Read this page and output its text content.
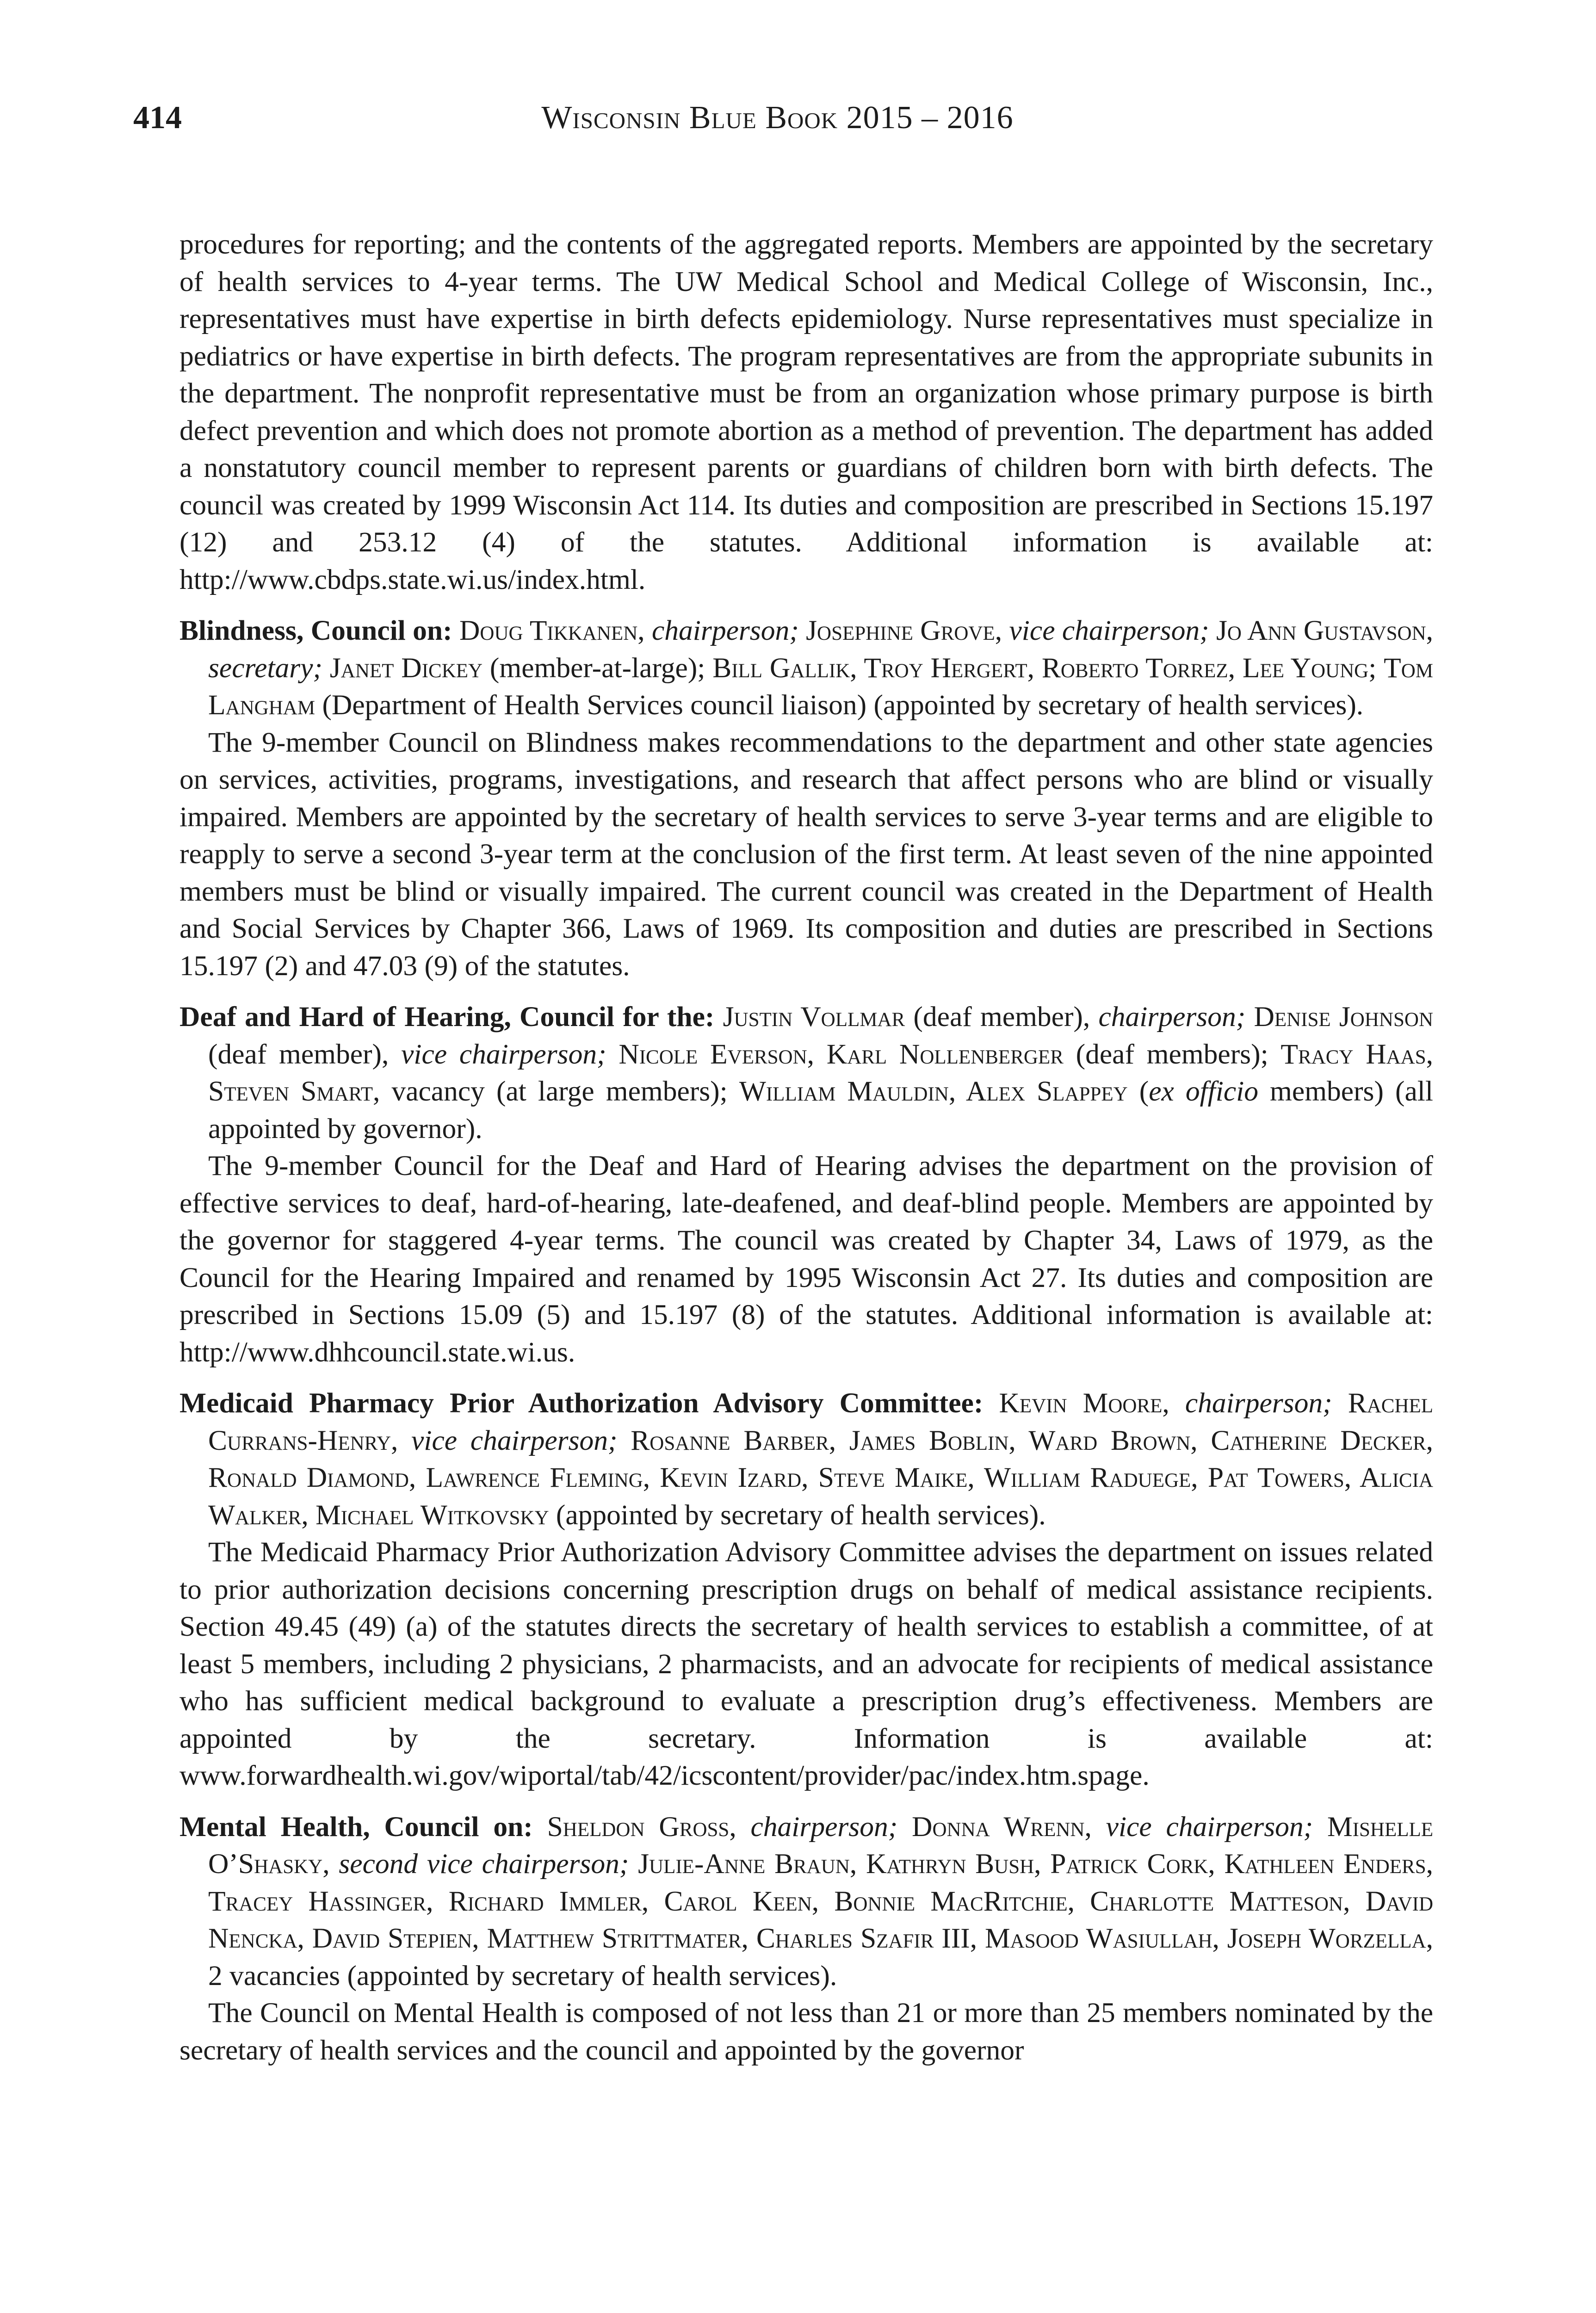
414	Wisconsin Blue Book 2015 – 2016

procedures for reporting; and the contents of the aggregated reports. Members are appointed by the secretary of health services to 4-year terms. The UW Medical School and Medical College of Wisconsin, Inc., representatives must have expertise in birth defects epidemiology. Nurse representatives must specialize in pediatrics or have expertise in birth defects. The program representatives are from the appropriate subunits in the department. The nonprofit representative must be from an organization whose primary purpose is birth defect prevention and which does not promote abortion as a method of prevention. The department has added a nonstatutory council member to represent parents or guardians of children born with birth defects. The council was created by 1999 Wisconsin Act 114. Its duties and composition are prescribed in Sections 15.197 (12) and 253.12 (4) of the statutes. Additional information is available at: http://www.cbdps.state.wi.us/index.html.

Blindness, Council on: Doug Tikkanen, chairperson; Josephine Grove, vice chairperson; Jo Ann Gustavson, secretary; Janet Dickey (member-at-large); Bill Gallik, Troy Hergert, Roberto Torrez, Lee Young; Tom Langham (Department of Health Services council liaison) (appointed by secretary of health services).

The 9-member Council on Blindness makes recommendations to the department and other state agencies on services, activities, programs, investigations, and research that affect persons who are blind or visually impaired. Members are appointed by the secretary of health services to serve 3-year terms and are eligible to reapply to serve a second 3-year term at the conclusion of the first term. At least seven of the nine appointed members must be blind or visually impaired. The current council was created in the Department of Health and Social Services by Chapter 366, Laws of 1969. Its composition and duties are prescribed in Sections 15.197 (2) and 47.03 (9) of the statutes.

Deaf and Hard of Hearing, Council for the: Justin Vollmar (deaf member), chairperson; Denise Johnson (deaf member), vice chairperson; Nicole Everson, Karl Nollenberger (deaf members); Tracy Haas, Steven Smart, vacancy (at large members); William Mauldin, Alex Slappey (ex officio members) (all appointed by governor).

The 9-member Council for the Deaf and Hard of Hearing advises the department on the provision of effective services to deaf, hard-of-hearing, late-deafened, and deaf-blind people. Members are appointed by the governor for staggered 4-year terms. The council was created by Chapter 34, Laws of 1979, as the Council for the Hearing Impaired and renamed by 1995 Wisconsin Act 27. Its duties and composition are prescribed in Sections 15.09 (5) and 15.197 (8) of the statutes. Additional information is available at: http://www.dhhcouncil.state.wi.us.

Medicaid Pharmacy Prior Authorization Advisory Committee: Kevin Moore, chairperson; Rachel Currans-Henry, vice chairperson; Rosanne Barber, James Boblin, Ward Brown, Catherine Decker, Ronald Diamond, Lawrence Fleming, Kevin Izard, Steve Maike, William Raduege, Pat Towers, Alicia Walker, Michael Witkovsky (appointed by secretary of health services).

The Medicaid Pharmacy Prior Authorization Advisory Committee advises the department on issues related to prior authorization decisions concerning prescription drugs on behalf of medical assistance recipients. Section 49.45 (49) (a) of the statutes directs the secretary of health services to establish a committee, of at least 5 members, including 2 physicians, 2 pharmacists, and an advocate for recipients of medical assistance who has sufficient medical background to evaluate a prescription drug’s effectiveness. Members are appointed by the secretary. Information is available at: www.forwardhealth.wi.gov/wiportal/tab/42/icscontent/provider/pac/index.htm.spage.

Mental Health, Council on: Sheldon Gross, chairperson; Donna Wrenn, vice chairperson; Mishelle O’Shasky, second vice chairperson; Julie-Anne Braun, Kathryn Bush, Patrick Cork, Kathleen Enders, Tracey Hassinger, Richard Immler, Carol Keen, Bonnie MacRitchie, Charlotte Matteson, David Nencka, David Stepien, Matthew Strittmater, Charles Szafir III, Masood Wasiullah, Joseph Worzella, 2 vacancies (appointed by secretary of health services).

The Council on Mental Health is composed of not less than 21 or more than 25 members nominated by the secretary of health services and the council and appointed by the governor
